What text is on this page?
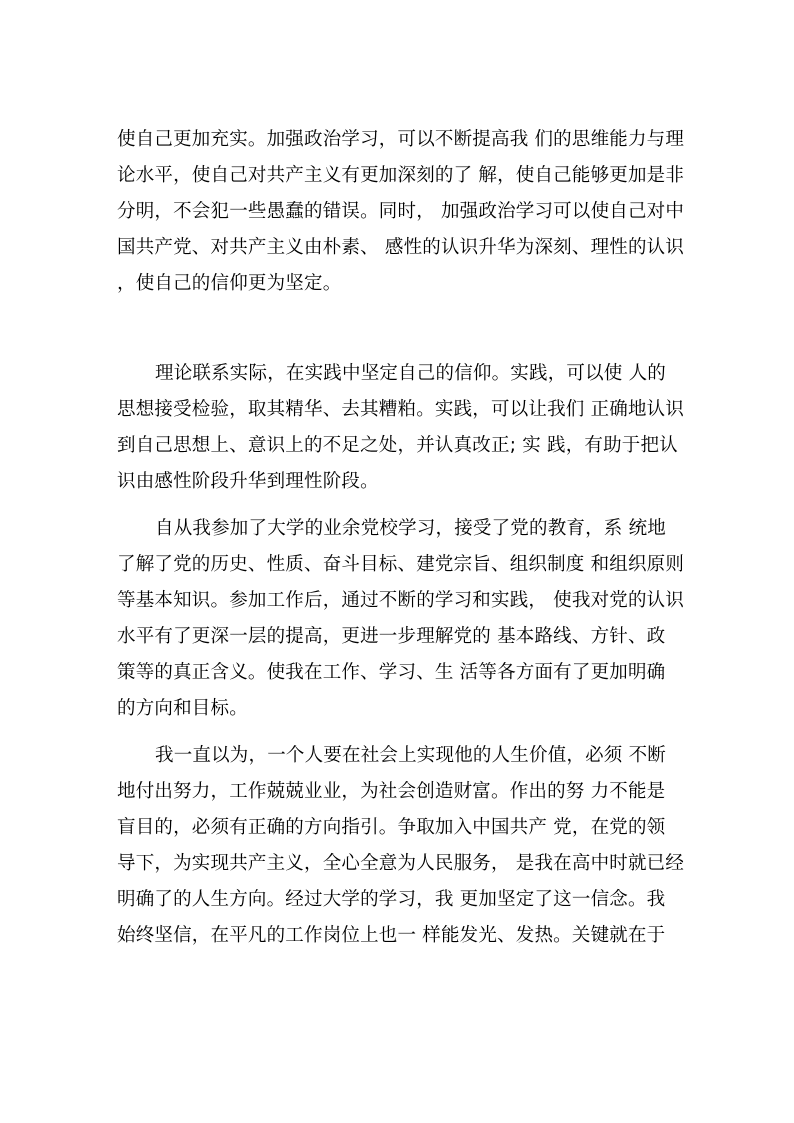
使自己更加充实。加强政治学习，可以不断提高我 们的思维能力与理
论水平，使自己对共产主义有更加深刻的了 解，使自己能够更加是非
分明，不会犯一些愚蠢的错误。同时， 加强政治学习可以使自己对中
国共产党、对共产主义由朴素、 感性的认识升华为深刻、理性的认识
，使自己的信仰更为坚定。
理论联系实际，在实践中坚定自己的信仰。实践，可以使 人的
思想接受检验，取其精华、去其糟粕。实践，可以让我们 正确地认识
到自己思想上、意识上的不足之处，并认真改正; 实 践，有助于把认
识由感性阶段升华到理性阶段。
自从我参加了大学的业余党校学习，接受了党的教育，系 统地
了解了党的历史、性质、奋斗目标、建党宗旨、组织制度 和组织原则
等基本知识。参加工作后，通过不断的学习和实践， 使我对党的认识
水平有了更深一层的提高，更进一步理解党的 基本路线、方针、政
策等的真正含义。使我在工作、学习、生 活等各方面有了更加明确
的方向和目标。
我一直以为，一个人要在社会上实现他的人生价值，必须 不断
地付出努力，工作兢兢业业，为社会创造财富。作出的努 力不能是
盲目的，必须有正确的方向指引。争取加入中国共产 党，在党的领
导下，为实现共产主义，全心全意为人民服务， 是我在高中时就已经
明确了的人生方向。经过大学的学习，我 更加坚定了这一信念。我
始终坚信，在平凡的工作岗位上也一 样能发光、发热。关键就在于
